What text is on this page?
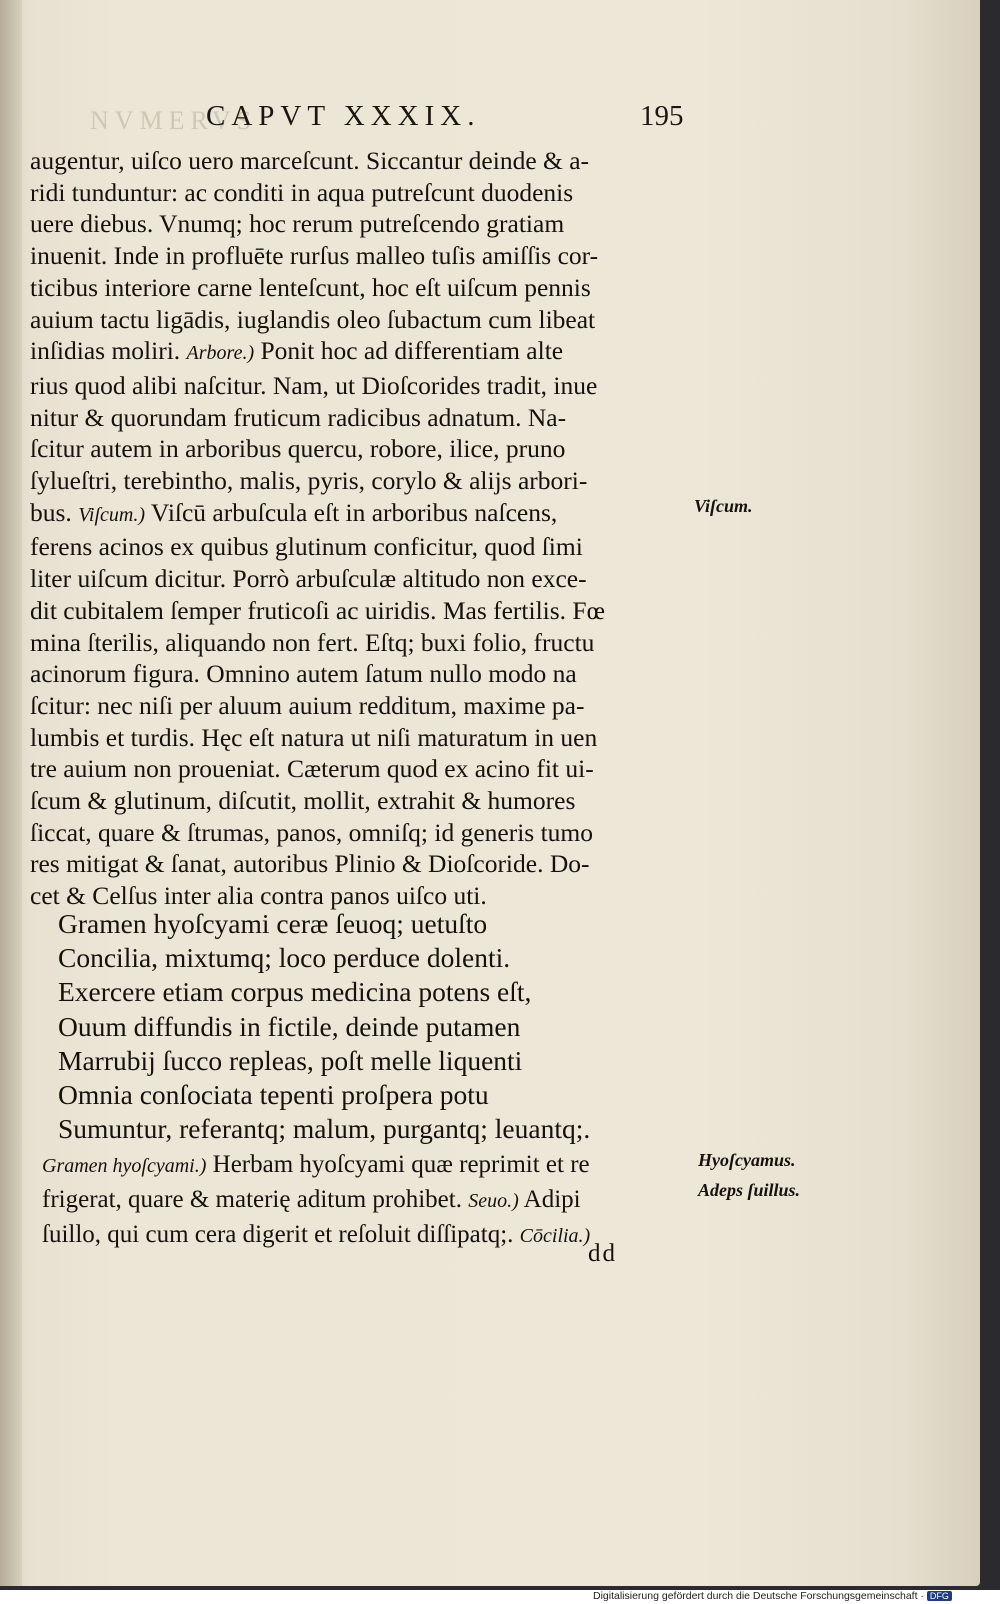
NVMERVS
CAPVT XXXIX.	195
augentur, uiſco uero marceſcunt. Siccantur deinde & a-
ridi tunduntur: ac conditi in aqua putreſcunt duodenis
uere diebus. Vnumq; hoc rerum putreſcendo gratiam
inuenit. Inde in profluēte rurſus malleo tuſis amiſſis cor-
ticibus interiore carne lenteſcunt, hoc eſt uiſcum pennis
auium tactu ligādis, iuglandis oleo ſubactum cum libeat
inſidias moliri. Arbore.) Ponit hoc ad differentiam alte
rius quod alibi naſcitur. Nam, ut Dioſcorides tradit, inue
nitur & quorundam fruticum radicibus adnatum. Na-
ſcitur autem in arboribus quercu, robore, ilice, pruno
ſylueſtri, terebintho, malis, pyris, corylo & alijs arbori-
bus. Viſcum.) Viſcū arbuſcula eſt in arboribus naſcens,
ferens acinos ex quibus glutinum conficitur, quod ſimi
liter uiſcum dicitur. Porrò arbuſculæ altitudo non exce-
dit cubitalem ſemper fruticoſi ac uiridis. Mas fertilis. Fœ
mina ſterilis, aliquando non fert. Eſtq; buxi folio, fructu
acinorum figura. Omnino autem ſatum nullo modo na
ſcitur: nec niſi per aluum auium redditum, maxime pa-
lumbis et turdis. Hęc eſt natura ut niſi maturatum in uen
tre auium non proueniat. Cæterum quod ex acino fit ui-
ſcum & glutinum, diſcutit, mollit, extrahit & humores
ſiccat, quare & ſtrumas, panos, omniſq; id generis tumo
res mitigat & ſanat, autoribus Plinio & Dioſcoride. Do-
cet & Celſus inter alia contra panos uiſco uti.
Gramen hyoſcyami ceræ ſeuoq; uetuſto
Concilia, mixtumq; loco perduce dolenti.
Exercere etiam corpus medicina potens eſt,
Ouum diffundis in fictile, deinde putamen
Marrubij ſucco repleas, poſt melle liquenti
Omnia conſociata tepenti proſpera potu
Sumuntur, referantq; malum, purgantq; leuantq;.
Gramen hyoſcyami.) Herbam hyoſcyami quæ reprimit et re
frigerat, quare & materię aditum prohibet. Seuo.) Adipi
ſuillo, qui cum cera digerit et reſoluit diſſipatq;. Cōcilia.)
dd
Viſcum.
Hyoſcyamus.
Adeps ſuillus.
Digitalisierung gefördert durch die Deutsche Forschungsgemeinschaft · DFG
